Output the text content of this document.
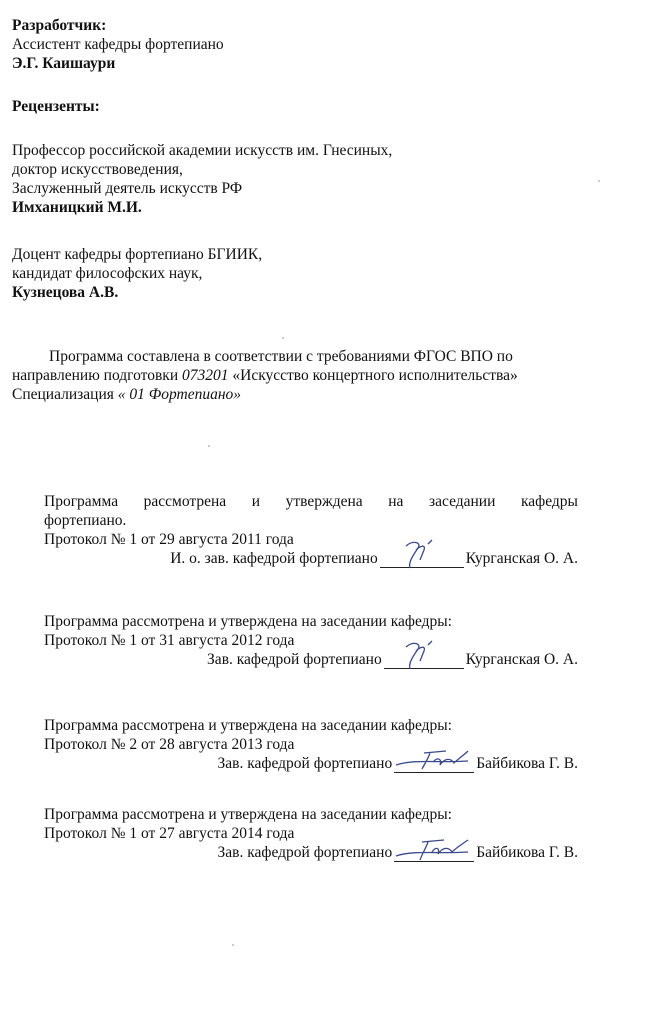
Разработчик:
Ассистент кафедры фортепиано
Э.Г. Каишаури
Рецензенты:
Профессор российской академии искусств им. Гнесиных,
доктор искусствоведения,
Заслуженный деятель искусств РФ
Имханицкий М.И.
Доцент кафедры фортепиано БГИИК,
кандидат философских наук,
Кузнецова А.В.
Программа составлена в соответствии с требованиями ФГОС ВПО по
направлению подготовки 073201 «Искусство концертного исполнительства»
Специализация « 01 Фортепиано»
Программа рассмотрена и утверждена на заседании кафедры
фортепиано.
Протокол № 1 от 29 августа 2011 года
И. о. зав. кафедрой фортепиано	Курганская О. А.
Программа рассмотрена и утверждена на заседании кафедры:
Протокол № 1 от 31 августа 2012 года
Зав. кафедрой фортепиано	Курганская О. А.
Программа рассмотрена и утверждена на заседании кафедры:
Протокол № 2 от 28 августа 2013 года
Зав. кафедрой фортепиано	Байбикова Г. В.
Программа рассмотрена и утверждена на заседании кафедры:
Протокол № 1 от 27 августа 2014 года
Зав. кафедрой фортепиано	Байбикова Г. В.
